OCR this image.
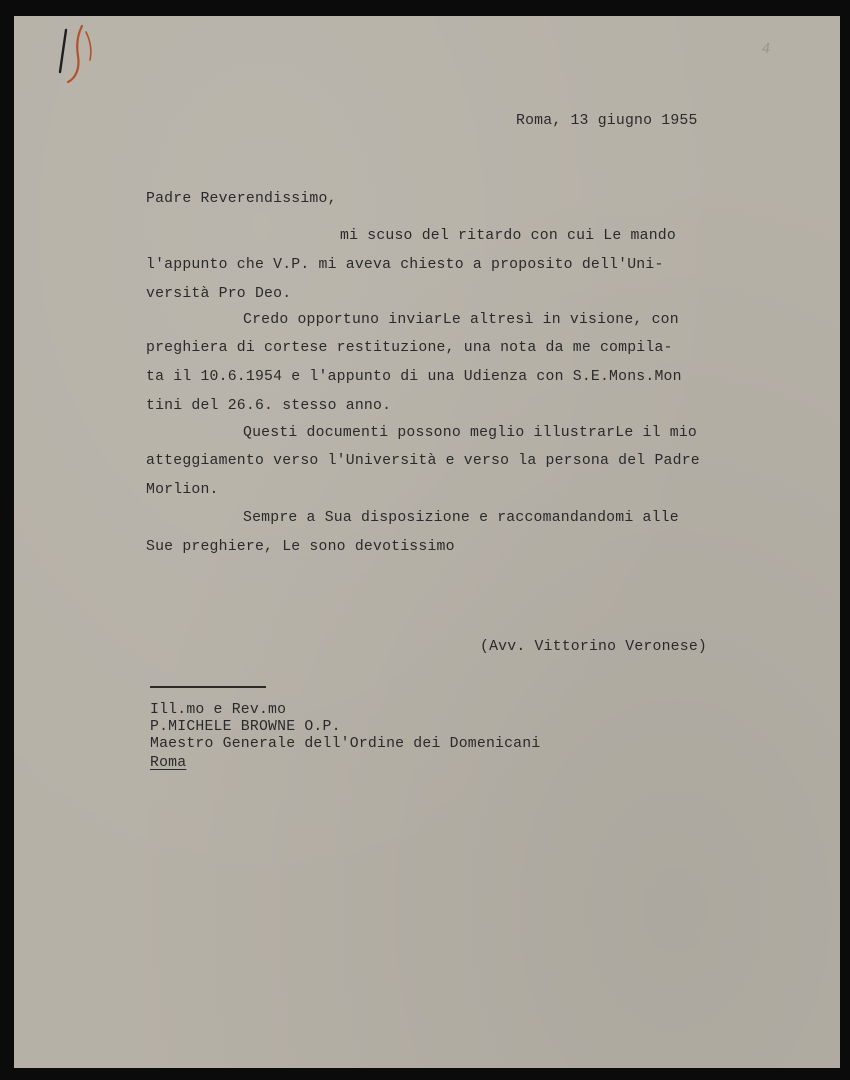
4
Roma, 13 giugno 1955
Padre Reverendissimo,
mi scuso del ritardo con cui Le mando
l'appunto che V.P. mi aveva chiesto a proposito dell'Uni-
versità Pro Deo.
Credo opportuno inviarLe altresì in visione, con
preghiera di cortese restituzione, una nota da me compila-
ta il 10.6.1954 e l'appunto di una Udienza con S.E.Mons.Mon
tini del 26.6. stesso anno.
Questi documenti possono meglio illustrarLe il mio
atteggiamento verso l'Università e verso la persona del Padre
Morlion.
Sempre a Sua disposizione e raccomandandomi alle
Sue preghiere, Le sono devotissimo
(Avv. Vittorino Veronese)
Ill.mo e Rev.mo
P.MICHELE BROWNE O.P.
Maestro Generale dell'Ordine dei Domenicani
Roma
